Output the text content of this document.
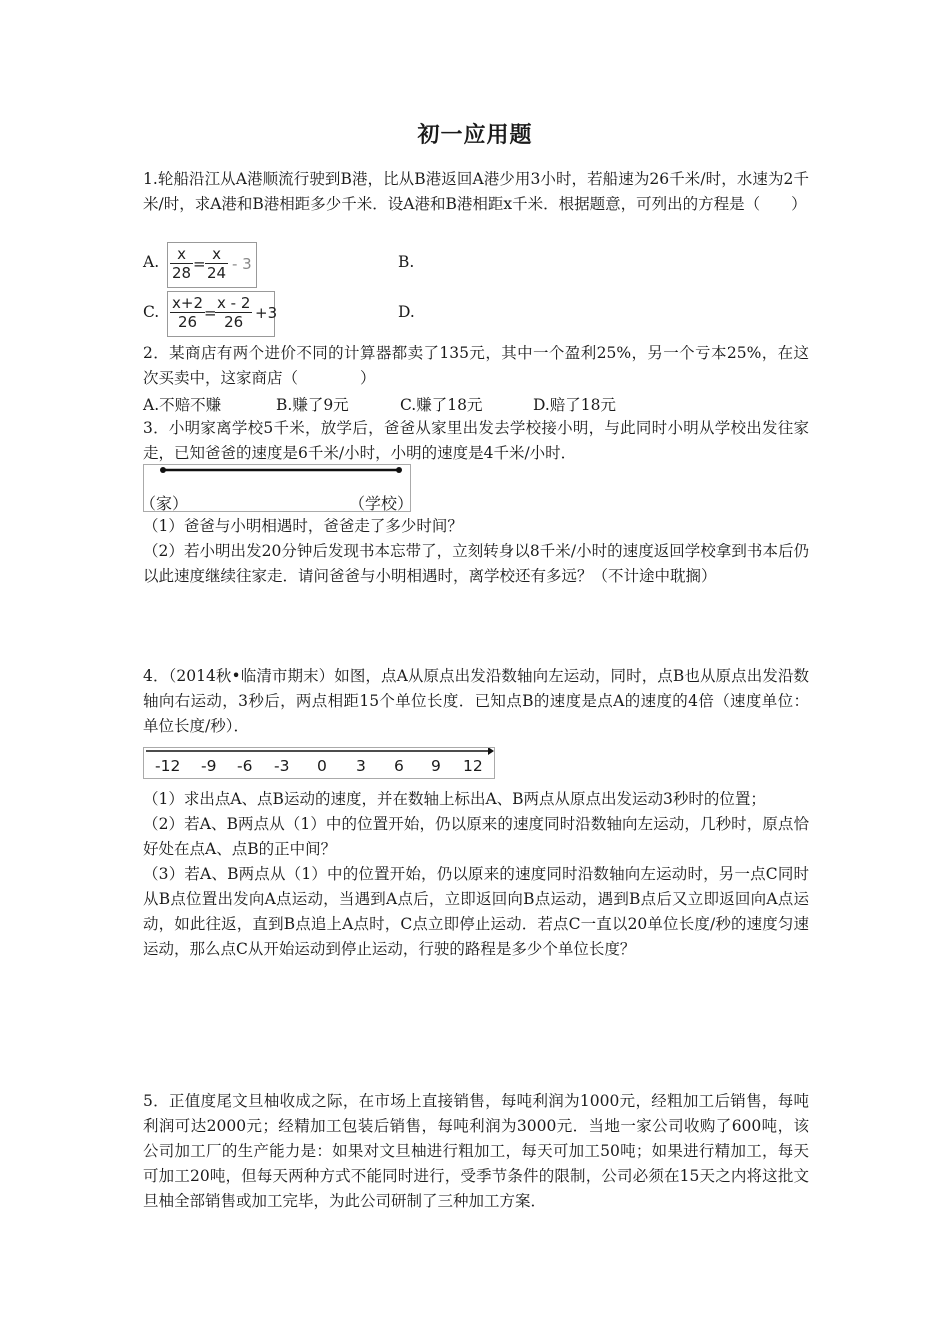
初一应用题
1.轮船沿江从A港顺流行驶到B港，比从B港返回A港少用3小时，若船速为26千米/时，水速为2千米/时，求A港和B港相距多少千米．设A港和B港相距x千米．根据题意，可列出的方程是（　　）
A. $\frac{x}{28} = \frac{x}{24} - 3$	B.
C. $\frac{x+2}{26}$ =
$\frac{x - 2}{26} +3$	D.
2．某商店有两个进价不同的计算器都卖了135元，其中一个盈利25%，另一个亏本25%，在这次买卖中，这家商店（　　　　）
A.不赔不赚	B.赚了9元	C.赚了18元	D.赔了18元
3．小明家离学校5千米，放学后，爸爸从家里出发去学校接小明，与此同时小明从学校出发往家走，已知爸爸的速度是6千米/小时，小明的速度是4千米/小时．
（家）	（学校）
（1）爸爸与小明相遇时，爸爸走了多少时间？
（2）若小明出发20分钟后发现书本忘带了，立刻转身以8千米/小时的速度返回学校拿到书本后仍以此速度继续往家走．请问爸爸与小明相遇时，离学校还有多远？（不计途中耽搁）
4．（2014秋•临清市期末）如图，点A从原点出发沿数轴向左运动，同时，点B也从原点出发沿数轴向右运动，3秒后，两点相距15个单位长度．已知点B的速度是点A的速度的4倍（速度单位：单位长度/秒）．
-12 -9 -6 -3 0 3 6 9 12
（1）求出点A、点B运动的速度，并在数轴上标出A、B两点从原点出发运动3秒时的位置；
（2）若A、B两点从（1）中的位置开始，仍以原来的速度同时沿数轴向左运动，几秒时，原点恰好处在点A、点B的正中间？
（3）若A、B两点从（1）中的位置开始，仍以原来的速度同时沿数轴向左运动时，另一点C同时从B点位置出发向A点运动，当遇到A点后，立即返回向B点运动，遇到B点后又立即返回向A点运动，如此往返，直到B点追上A点时，C点立即停止运动．若点C一直以20单位长度/秒的速度匀速运动，那么点C从开始运动到停止运动，行驶的路程是多少个单位长度？
5．正值度尾文旦柚收成之际，在市场上直接销售，每吨利润为1000元，经粗加工后销售，每吨利润可达2000元；经精加工包装后销售，每吨利润为3000元．当地一家公司收购了600吨，该公司加工厂的生产能力是：如果对文旦柚进行粗加工，每天可加工50吨；如果进行精加工，每天可加工20吨，但每天两种方式不能同时进行，受季节条件的限制，公司必须在15天之内将这批文旦柚全部销售或加工完毕，为此公司研制了三种加工方案．
